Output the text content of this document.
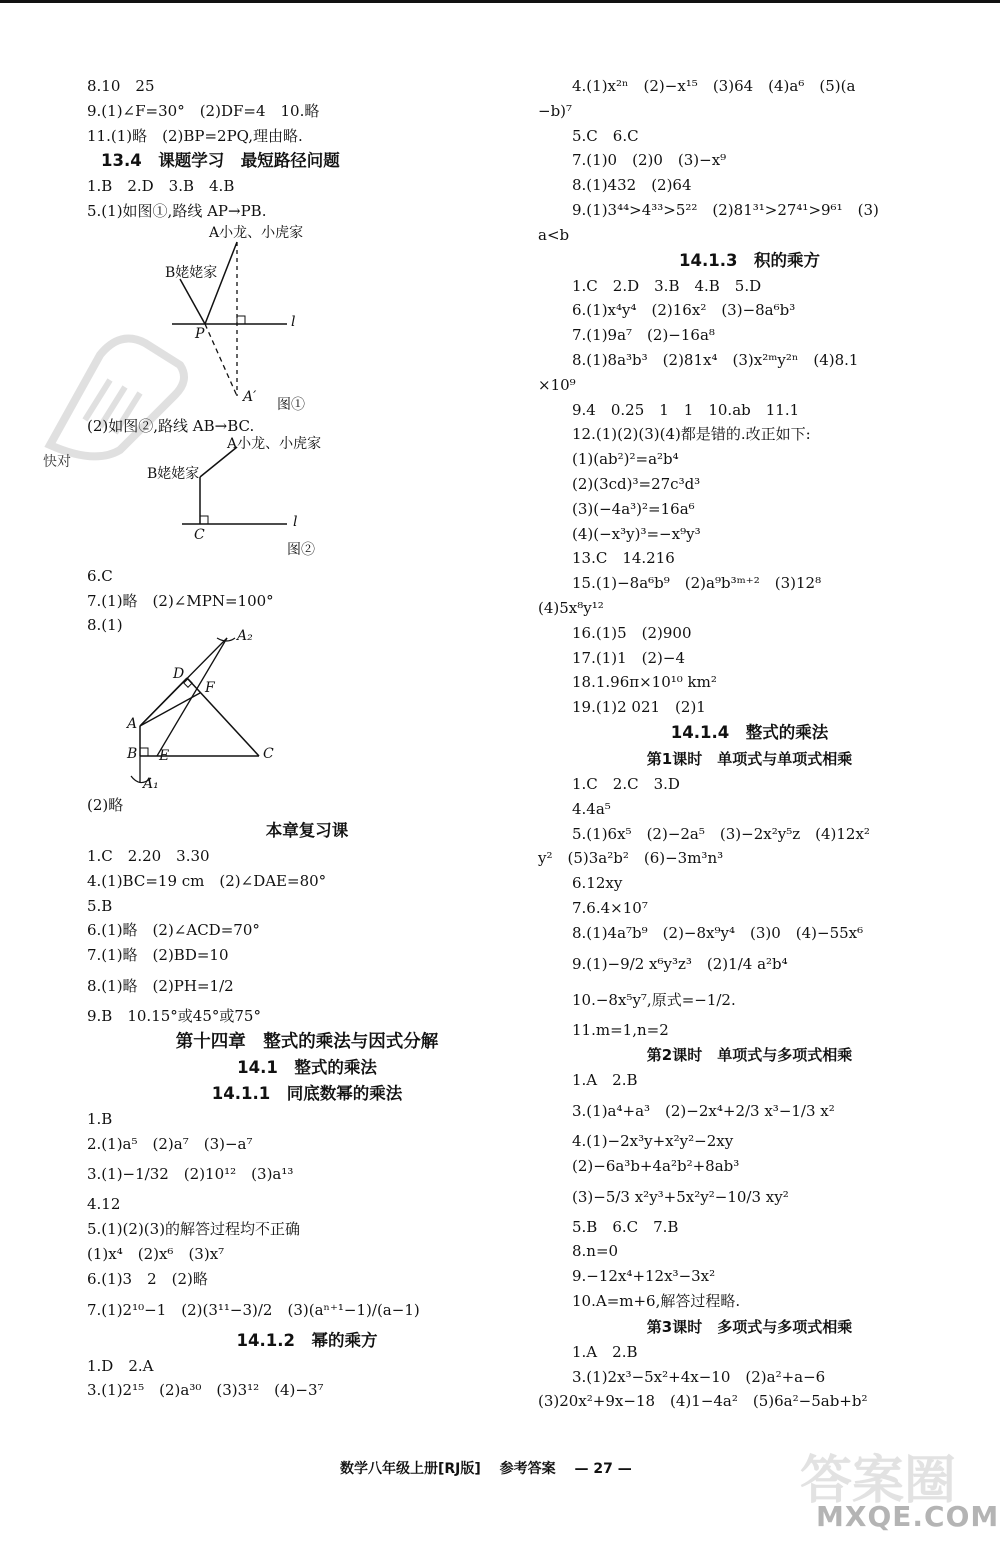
8.10　25
9.(1)∠F=30°　(2)DF=4　10.略
11.(1)略　(2)BP=2PQ,理由略.
13.4　课题学习　最短路径问题
1.B　2.D　3.B　4.B
5.(1)如图①,路线 AP→PB.
A小龙、小虎家
B姥姥家
P
l
A′ 图①
(2)如图②,路线 AB→BC.
A小龙、小虎家
B姥姥家
C
l
图②
快对
6.C
7.(1)略　(2)∠MPN=100°
8.(1)
A₂
D
F
A
B E	C
A₁
(2)略
本章复习课
1.C　2.20　3.30
4.(1)BC=19 cm　(2)∠DAE=80°
5.B
6.(1)略　(2)∠ACD=70°
7.(1)略　(2)BD=10
8.(1)略　(2)PH=1/2
9.B　10.15°或45°或75°
第十四章　整式的乘法与因式分解
14.1　整式的乘法
14.1.1　同底数幂的乘法
1.B
2.(1)a⁵　(2)a⁷　(3)−a⁷
3.(1)−1/32　(2)10¹²　(3)a¹³
4.12
5.(1)(2)(3)的解答过程均不正确
(1)x⁴　(2)x⁶　(3)x⁷
6.(1)3　2　(2)略
7.(1)2¹⁰−1　(2)(3¹¹−3)/2　(3)(aⁿ⁺¹−1)/(a−1)
14.1.2　幂的乘方
1.D　2.A
3.(1)2¹⁵　(2)a³⁰　(3)3¹²　(4)−3⁷
4.(1)x²ⁿ　(2)−x¹⁵　(3)64　(4)a⁶　(5)(a
−b)⁷
5.C　6.C
7.(1)0　(2)0　(3)−x⁹
8.(1)432　(2)64
9.(1)3⁴⁴>4³³>5²²　(2)81³¹>27⁴¹>9⁶¹　(3)
a<b
14.1.3　积的乘方
1.C　2.D　3.B　4.B　5.D
6.(1)x⁴y⁴　(2)16x²　(3)−8a⁶b³
7.(1)9a⁷　(2)−16a⁸
8.(1)8a³b³　(2)81x⁴　(3)x²ᵐy²ⁿ　(4)8.1
×10⁹
9.4　0.25　1　1　10.ab　11.1
12.(1)(2)(3)(4)都是错的.改正如下:
(1)(ab²)²=a²b⁴
(2)(3cd)³=27c³d³
(3)(−4a³)²=16a⁶
(4)(−x³y)³=−x⁹y³
13.C　14.216
15.(1)−8a⁶b⁹　(2)a⁹b³ᵐ⁺²　(3)12⁸
(4)5x⁸y¹²
16.(1)5　(2)900
17.(1)1　(2)−4
18.1.96π×10¹⁰ km²
19.(1)2 021　(2)1
14.1.4　整式的乘法
第1课时　单项式与单项式相乘
1.C　2.C　3.D
4.4a⁵
5.(1)6x⁵　(2)−2a⁵　(3)−2x²y⁵z　(4)12x²
y²　(5)3a²b²　(6)−3m³n³
6.12xy
7.6.4×10⁷
8.(1)4a⁷b⁹　(2)−8x⁹y⁴　(3)0　(4)−55x⁶
9.(1)−9/2 x⁶y³z³　(2)1/4 a²b⁴
10.−8x⁵y⁷,原式=−1/2.
11.m=1,n=2
第2课时　单项式与多项式相乘
1.A　2.B
3.(1)a⁴+a³　(2)−2x⁴+2/3 x³−1/3 x²
4.(1)−2x³y+x²y²−2xy
(2)−6a³b+4a²b²+8ab³
(3)−5/3 x²y³+5x²y²−10/3 xy²
5.B　6.C　7.B
8.n=0
9.−12x⁴+12x³−3x²
10.A=m+6,解答过程略.
第3课时　多项式与多项式相乘
1.A　2.B
3.(1)2x³−5x²+4x−10　(2)a²+a−6
(3)20x²+9x−18　(4)1−4a²　(5)6a²−5ab+b²
数学八年级上册[RJ版] 参考答案 — 27 —	答案圈
MXQE.COM
